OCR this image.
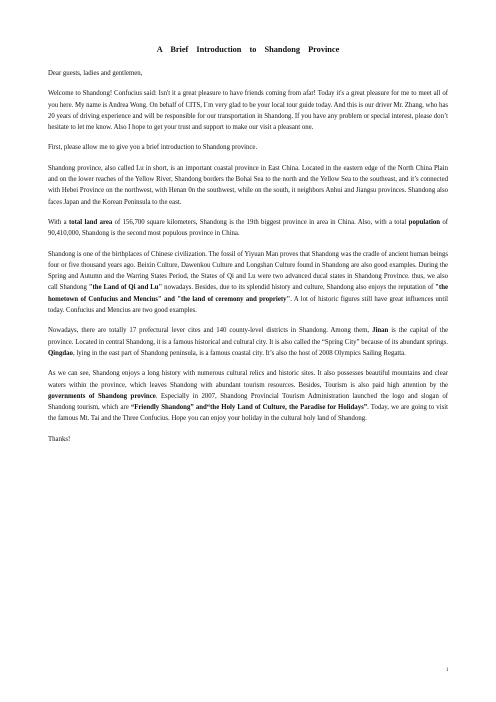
A Brief Introduction to Shandong Province

Dear guests, ladies and gentlemen,

Welcome to Shandong! Confucius said: Isn't it a great pleasure to have friends coming from afar! Today it's a great pleasure for me to meet all of you here. My name is Andrea Wong. On behalf of CITS, I`m very glad to be your local tour guide today. And this is our driver Mr. Zhang, who has 20 years of driving experience and will be responsible for our transportation in Shandong. If you have any problem or special interest, please don’t hesitate to let me know. Also I hope to get your trust and support to make our visit a pleasant one.

First, please allow me to give you a brief introduction to Shandong province.

Shandong province, also called Lu in short, is an important coastal province in East China. Located in the eastern edge of the North China Plain and on the lower reaches of the Yellow River, Shandong borders the Bohai Sea to the north and the Yellow Sea to the southeast, and it’s connected with Hebei Province on the northwest, with Henan 0n the southwest, while on the south, it neighbors Anhui and Jiangsu provinces. Shandong also faces Japan and the Korean Peninsula to the east.

With a total land area of 156,700 square kilometers, Shandong is the 19th biggest province in area in China. Also, with a total population of 90,410,000, Shandong is the second most populous province in China.

Shandong is one of the birthplaces of Chinese civilization. The fossil of Yiyuan Man proves that Shandong was the cradle of ancient human beings four or five thousand years ago. Beixin Culture, Dawenkou Culture and Longshan Culture found in Shandong are also good examples. During the Spring and Autumn and the Warring States Period, the States of Qi and Lu were two advanced ducal states in Shandong Province. thus, we also call Shandong "the Land of Qi and Lu" nowadays. Besides, due to its splendid history and culture, Shandong also enjoys the reputation of "the hometown of Confucius and Mencius" and "the land of ceremony and propriety". A lot of historic figures still have great influences until today. Confucius and Mencius are two good examples.

Nowadays, there are totally 17 prefectural lever cites and 140 county-level districts in Shandong. Among them, Jinan is the capital of the province. Located in central Shandong, it is a famous historical and cultural city. It is also called the “Spring City” because of its abundant springs. Qingdao, lying in the east part of Shandong peninsula, is a famous coastal city. It’s also the host of 2008 Olympics Sailing Regatta.

As we can see, Shandong enjoys a long history with numerous cultural relics and historic sites. It also possesses beautiful mountains and clear waters within the province, which leaves Shandong with abundant tourism resources. Besides, Tourism is also paid high attention by the governments of Shandong province. Especially in 2007, Shandong Provincial Tourism Administration launched the logo and slogan of Shandong tourism, which are “Friendly Shandong” and“the Holy Land of Culture, the Paradise for Holidays”. Today, we are going to visit the famous Mt. Tai and the Three Confucius. Hope you can enjoy your holiday in the cultural holy land of Shandong.

Thanks!

1
